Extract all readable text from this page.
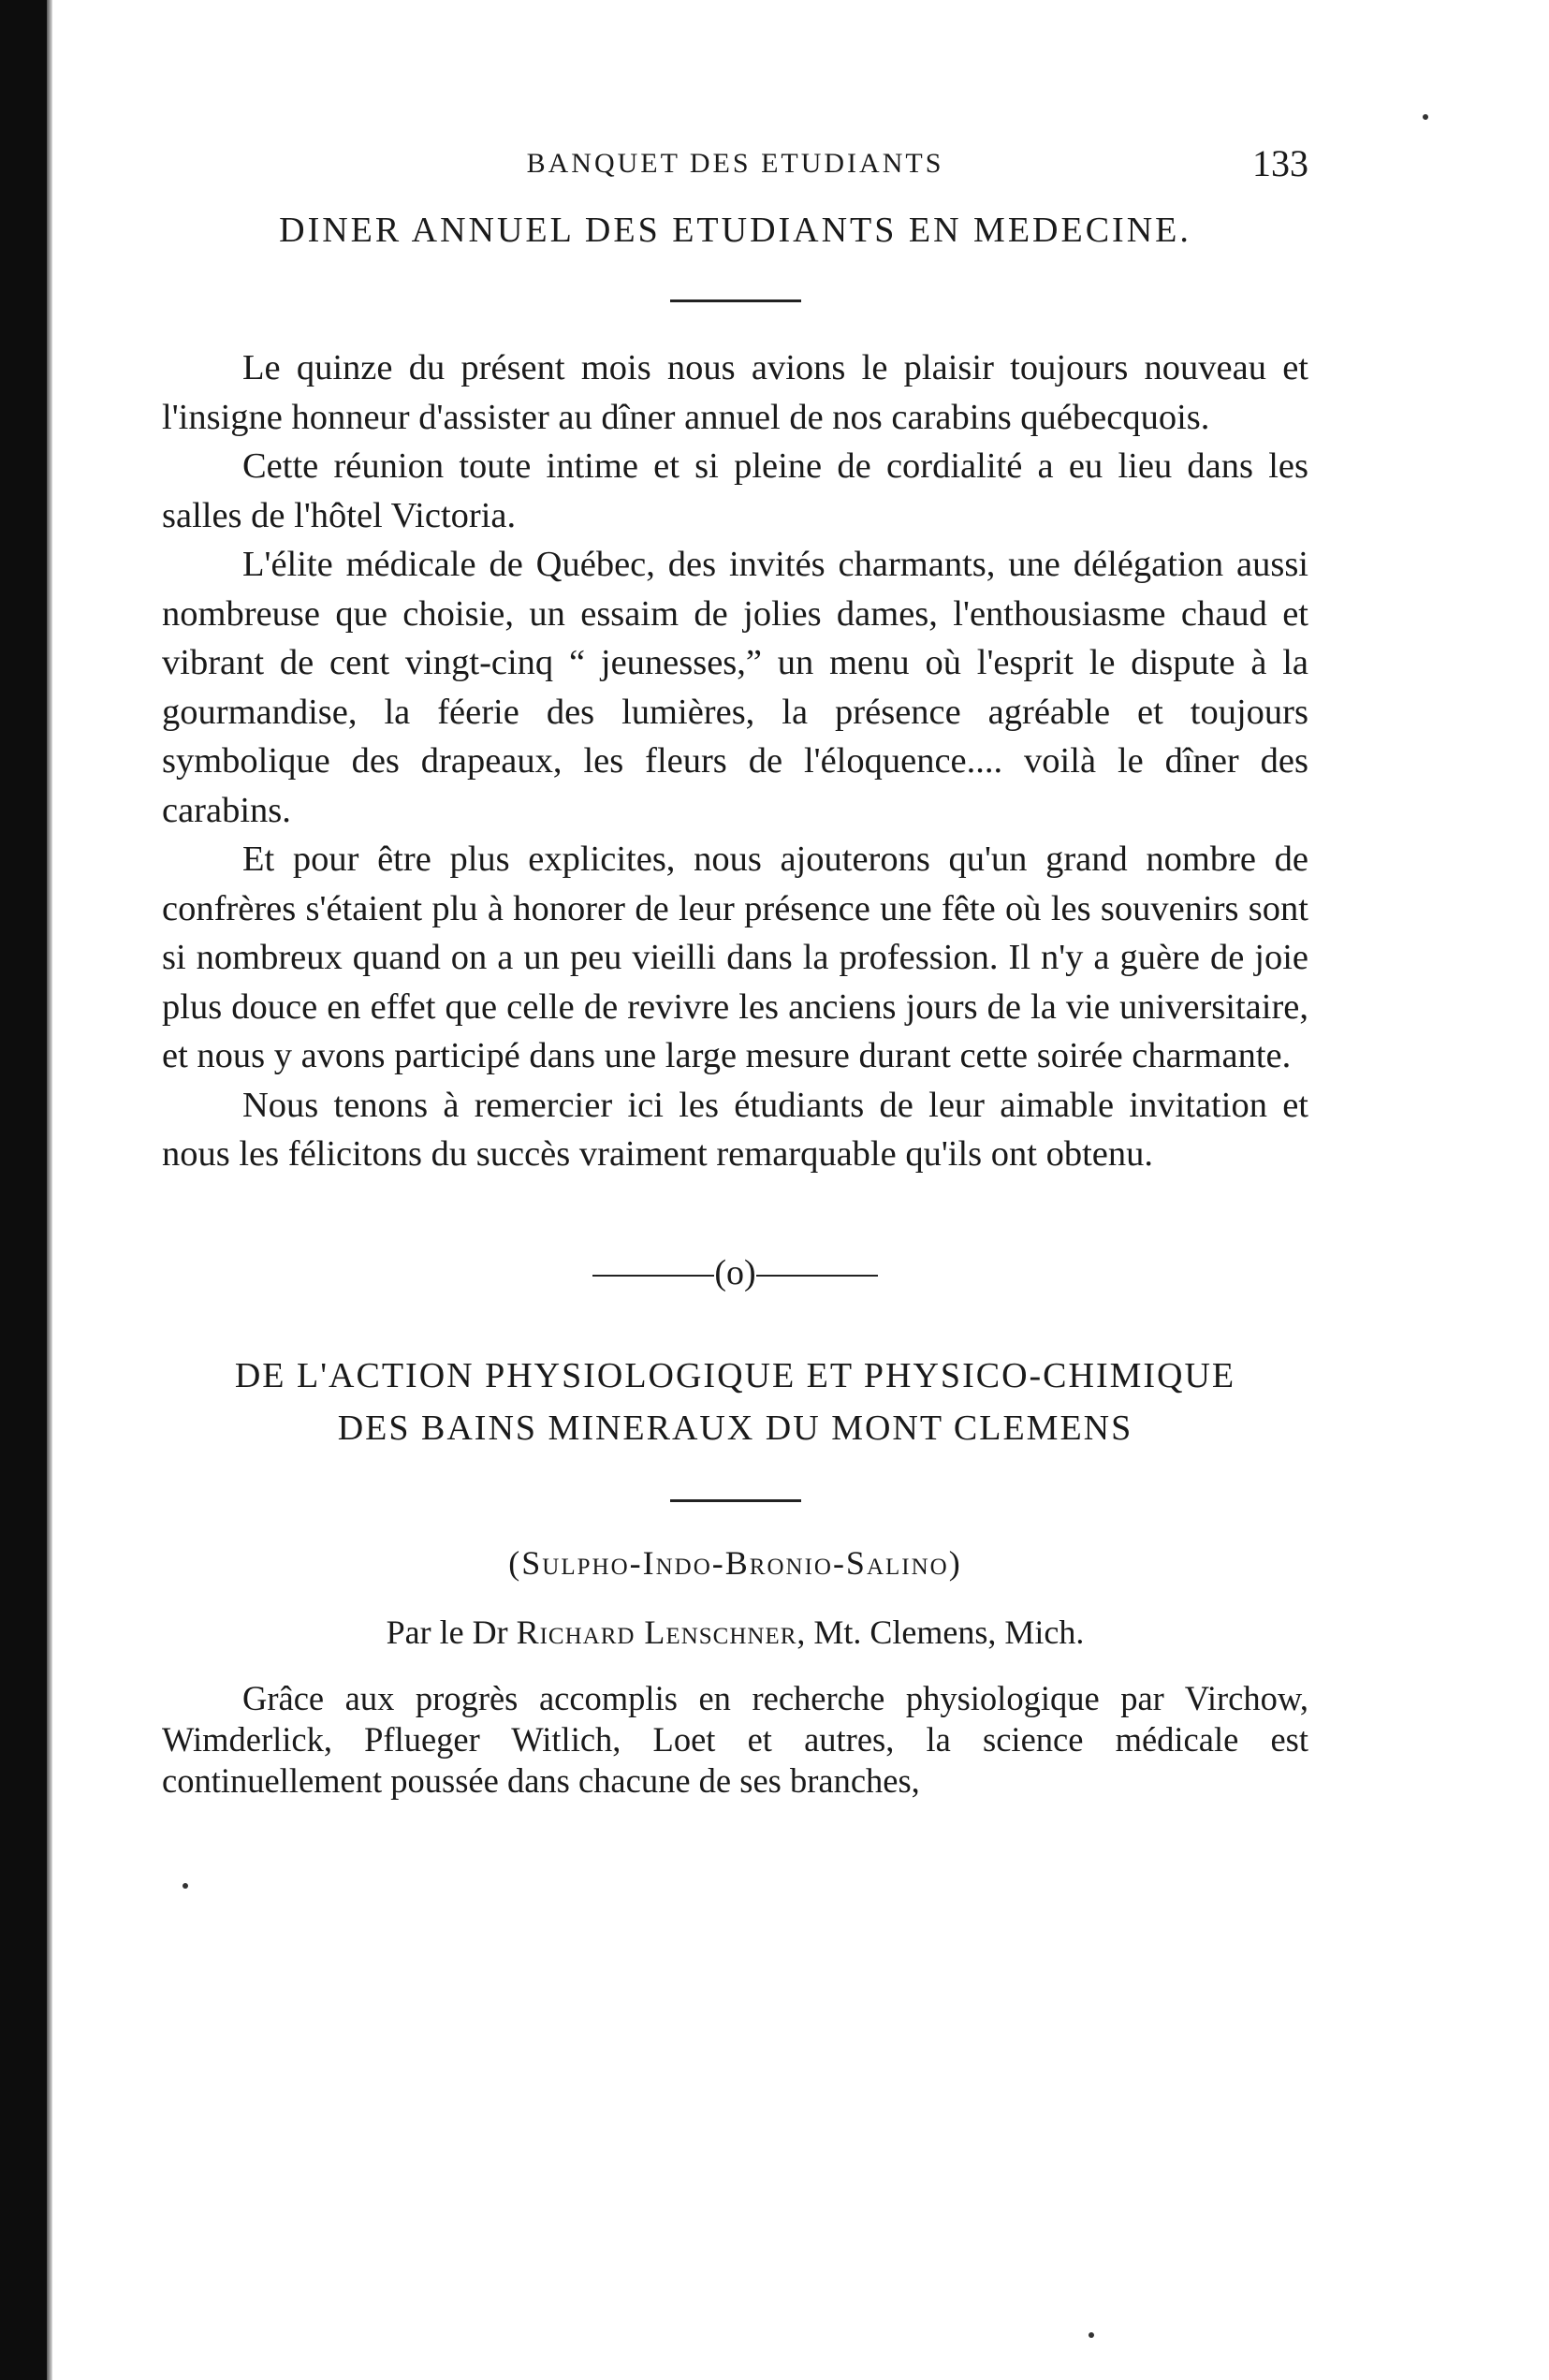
BANQUET DES ETUDIANTS	133
DINER ANNUEL DES ETUDIANTS EN MEDECINE.

Le quinze du présent mois nous avions le plaisir toujours nouveau et l'insigne honneur d'assister au dîner annuel de nos carabins québecquois.

Cette réunion toute intime et si pleine de cordialité a eu lieu dans les salles de l'hôtel Victoria.

L'élite médicale de Québec, des invités charmants, une délégation aussi nombreuse que choisie, un essaim de jolies dames, l'enthousiasme chaud et vibrant de cent vingt-cinq “ jeunesses,” un menu où l'esprit le dispute à la gourmandise, la féerie des lumières, la présence agréable et toujours symbolique des drapeaux, les fleurs de l'éloquence.... voilà le dîner des carabins.

Et pour être plus explicites, nous ajouterons qu'un grand nombre de confrères s'étaient plu à honorer de leur présence une fête où les souvenirs sont si nombreux quand on a un peu vieilli dans la profession. Il n'y a guère de joie plus douce en effet que celle de revivre les anciens jours de la vie universitaire, et nous y avons participé dans une large mesure durant cette soirée charmante.

Nous tenons à remercier ici les étudiants de leur aimable invitation et nous les félicitons du succès vraiment remarquable qu'ils ont obtenu.

(o)

DE L'ACTION PHYSIOLOGIQUE ET PHYSICO-CHIMIQUE

DES BAINS MINERAUX DU MONT CLEMENS

(Sulpho-Indo-Bronio-Salino)

Par le Dr Richard Lenschner, Mt. Clemens, Mich.

Grâce aux progrès accomplis en recherche physiologique par Virchow, Wimderlick, Pflueger Witlich, Loet et autres, la science médicale est continuellement poussée dans chacune de ses branches,
